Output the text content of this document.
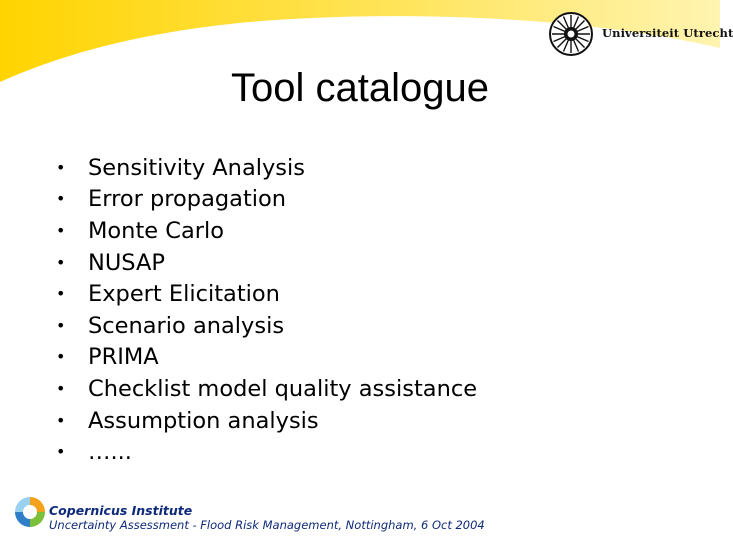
Universiteit Utrecht
Tool catalogue
•	Sensitivity Analysis
•	Error propagation
•	Monte Carlo
•	NUSAP
•	Expert Elicitation
•	Scenario analysis
•	PRIMA
•	Checklist model quality assistance
•	Assumption analysis
•	…...
Copernicus Institute
Uncertainty Assessment - Flood Risk Management, Nottingham, 6 Oct 2004
